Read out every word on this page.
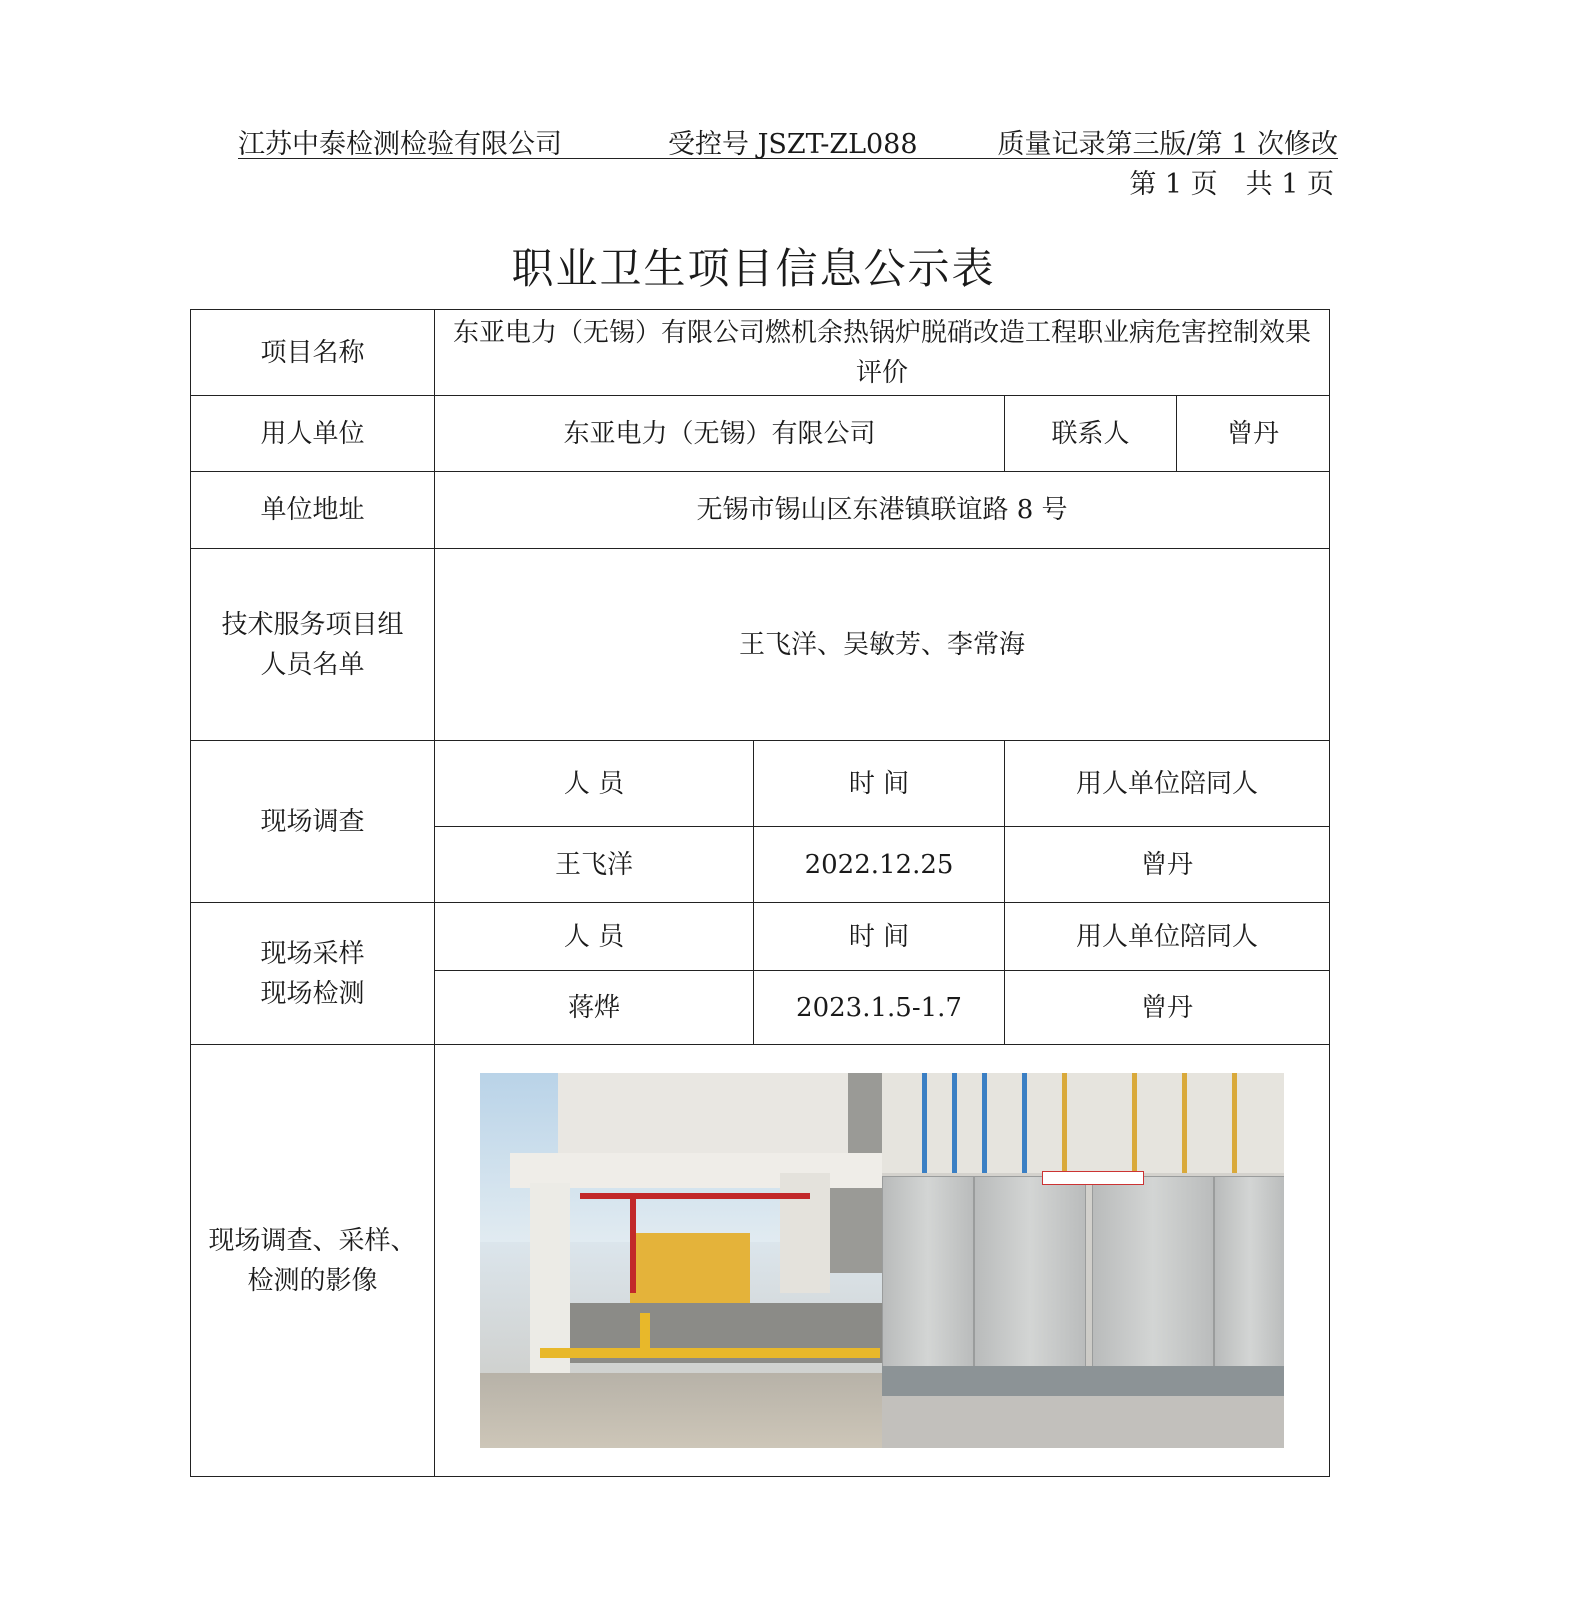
江苏中泰检测检验有限公司	受控号 JSZT-ZL088	质量记录第三版/第 1 次修改
第 1 页 共 1 页
职业卫生项目信息公示表
项目名称	东亚电力（无锡）有限公司燃机余热锅炉脱硝改造工程职业病危害控制效果评价			
用人单位	东亚电力（无锡）有限公司		联系人	曾丹
单位地址	无锡市锡山区东港镇联谊路 8 号			

技术服务项目组
人员名单	王飞洋、吴敏芳、李常海			
现场调查	人 员	时 间	用人单位陪同人	
	王飞洋	2022.12.25	曾丹	

现场采样
现场检测	人 员	时 间	用人单位陪同人	
	蒋烨	2023.1.5-1.7	曾丹	

现场调查、采样、
检测的影像				
